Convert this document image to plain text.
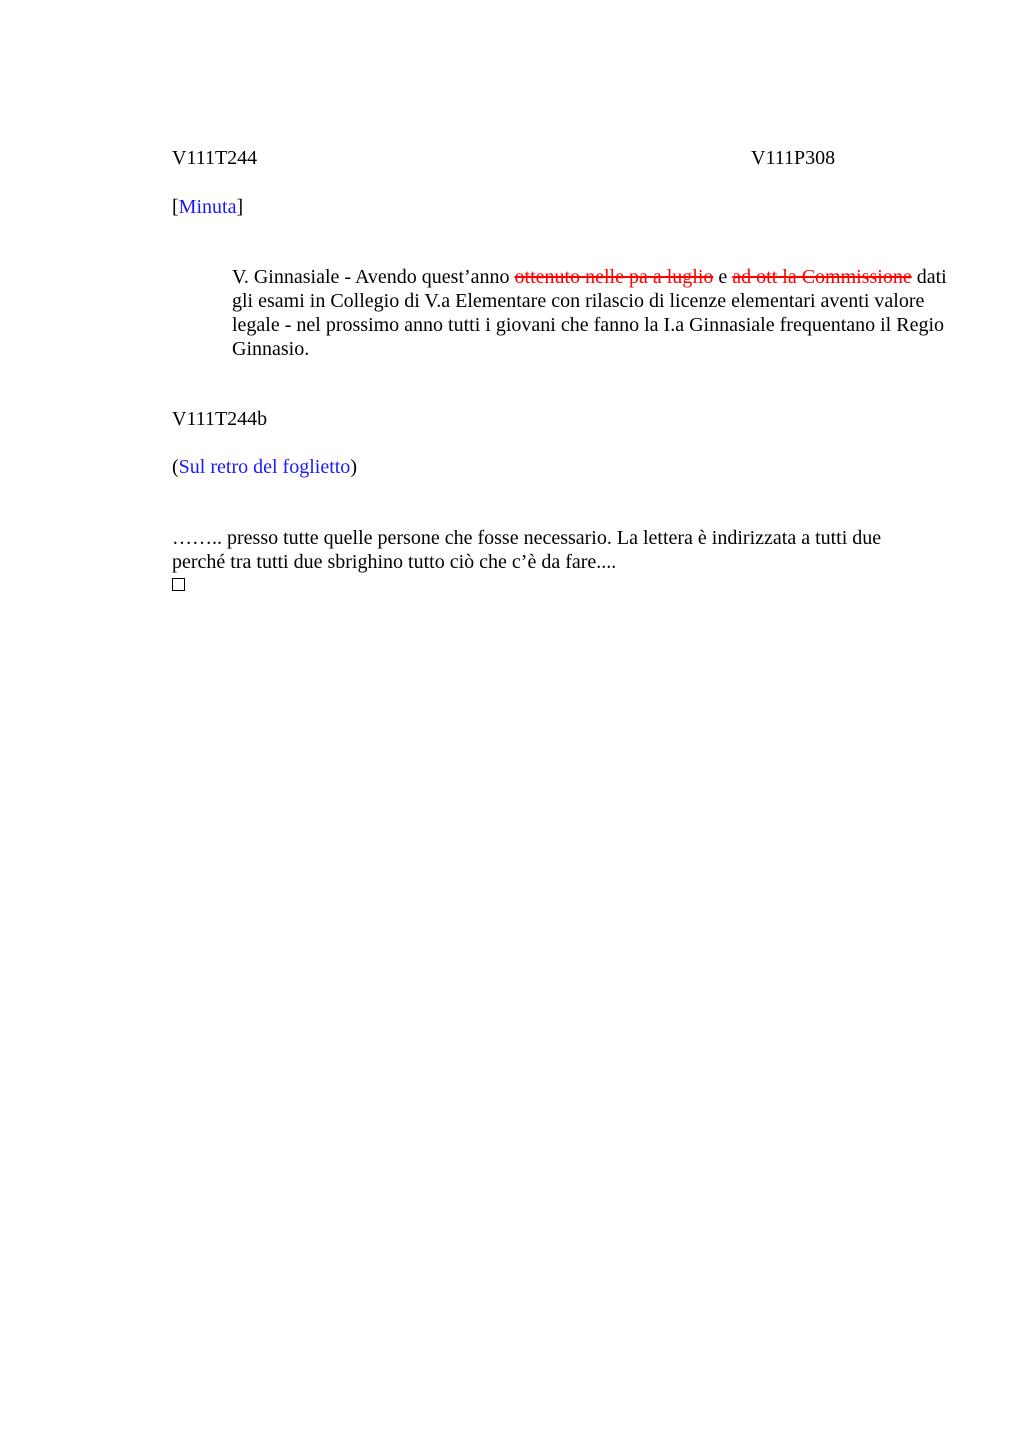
V111T244	V111P308
[Minuta]
V. Ginnasiale - Avendo quest’anno ottenuto nelle pa a luglio e ad ott la Commissione dati gli esami in Collegio di V.a Elementare con rilascio di licenze elementari aventi valore legale - nel prossimo anno tutti i giovani che fanno la I.a Ginnasiale frequentano il Regio Ginnasio.
V111T244b
(Sul retro del foglietto)
…….. presso tutte quelle persone che fosse necessario. La lettera è indirizzata a tutti due perché tra tutti due sbrighino tutto ciò che c’è da fare....
